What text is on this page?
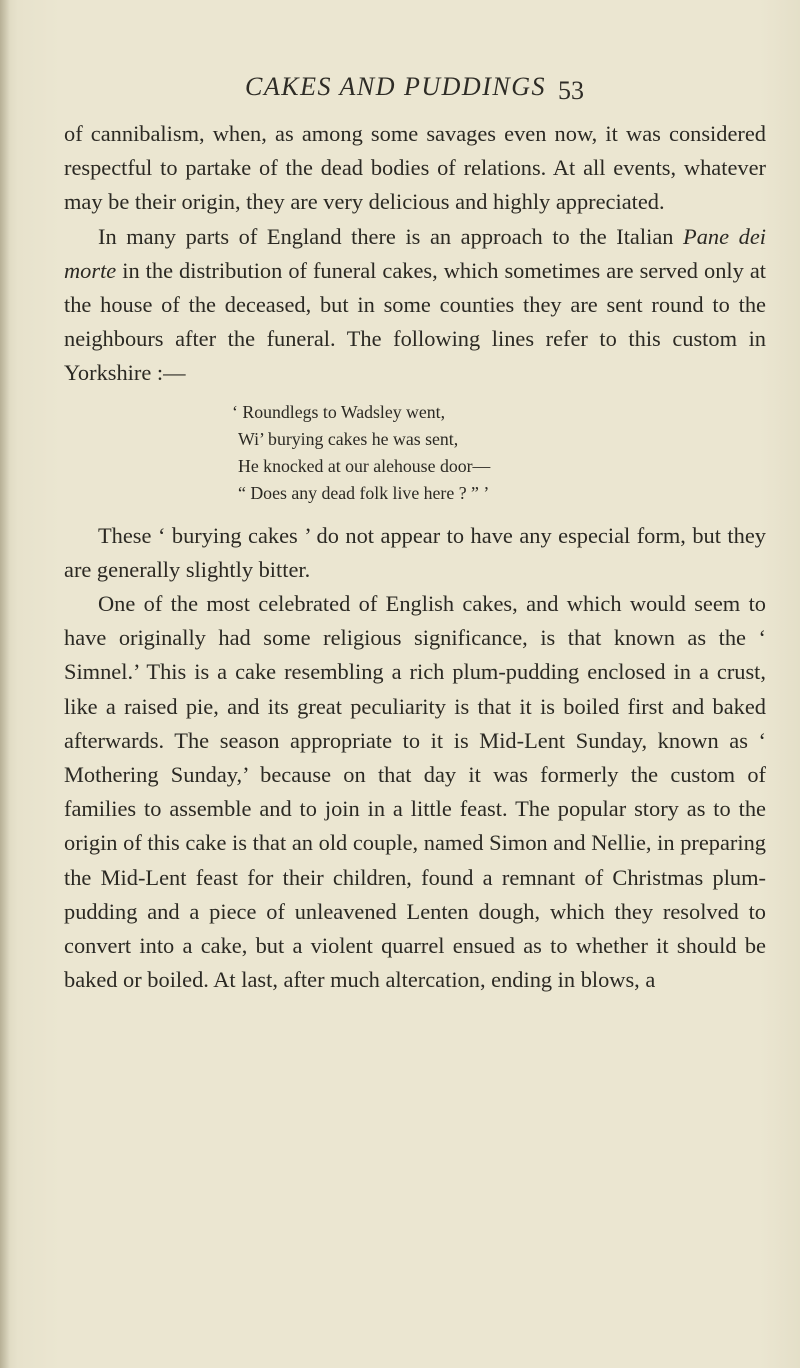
CAKES AND PUDDINGS 53

of cannibalism, when, as among some savages even now, it was considered respectful to partake of the dead bodies of relations. At all events, whatever may be their origin, they are very delicious and highly appreciated.

In many parts of England there is an approach to the Italian Pane dei morte in the distribution of funeral cakes, which sometimes are served only at the house of the deceased, but in some counties they are sent round to the neighbours after the funeral. The following lines refer to this custom in Yorkshire :—

‘ Roundlegs to Wadsley went,
Wi’ burying cakes he was sent,
He knocked at our alehouse door—
“ Does any dead folk live here ? ” ’

These ‘ burying cakes ’ do not appear to have any especial form, but they are generally slightly bitter.

One of the most celebrated of English cakes, and which would seem to have originally had some religious significance, is that known as the ‘ Simnel.’ This is a cake resembling a rich plum-pudding enclosed in a crust, like a raised pie, and its great peculiarity is that it is boiled first and baked afterwards. The season appropriate to it is Mid-Lent Sunday, known as ‘ Mothering Sunday,’ because on that day it was formerly the custom of families to assemble and to join in a little feast. The popular story as to the origin of this cake is that an old couple, named Simon and Nellie, in preparing the Mid-Lent feast for their children, found a remnant of Christmas plum-pudding and a piece of unleavened Lenten dough, which they resolved to convert into a cake, but a violent quarrel ensued as to whether it should be baked or boiled. At last, after much altercation, ending in blows, a
